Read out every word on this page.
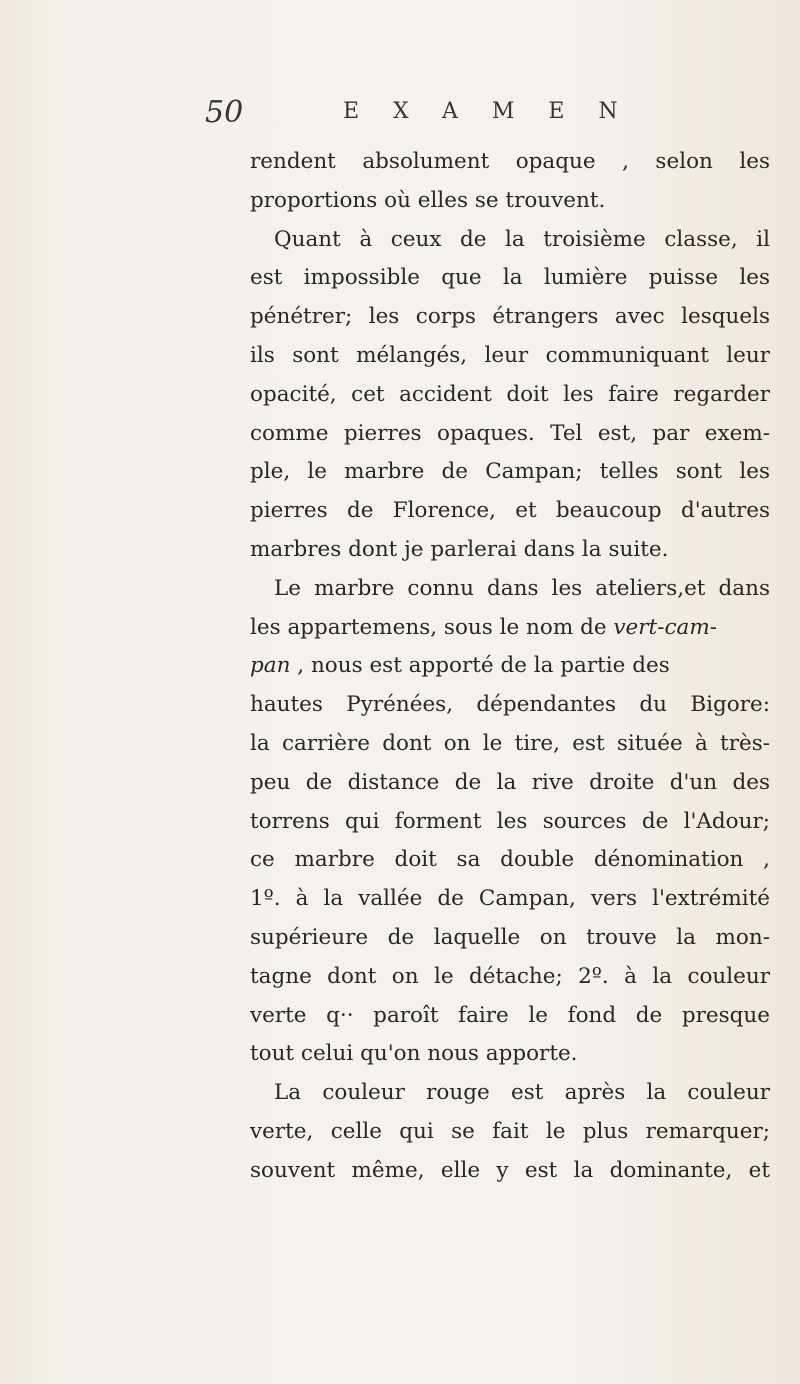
50	EXAMEN
rendent absolument opaque , selon les
proportions où elles se trouvent.
Quant à ceux de la troisième classe, il
est impossible que la lumière puisse les
pénétrer; les corps étrangers avec lesquels
ils sont mélangés, leur communiquant leur
opacité, cet accident doit les faire regarder
comme pierres opaques. Tel est, par exem-
ple, le marbre de Campan; telles sont les
pierres de Florence, et beaucoup d'autres
marbres dont je parlerai dans la suite.
Le marbre connu dans les ateliers,et dans
les appartemens, sous le nom de vert-cam-
pan , nous est apporté de la partie des
hautes Pyrénées, dépendantes du Bigore:
la carrière dont on le tire, est située à très-
peu de distance de la rive droite d'un des
torrens qui forment les sources de l'Adour;
ce marbre doit sa double dénomination ,
1º. à la vallée de Campan, vers l'extrémité
supérieure de laquelle on trouve la mon-
tagne dont on le détache; 2º. à la couleur
verte q·· paroît faire le fond de presque
tout celui qu'on nous apporte.
La couleur rouge est après la couleur
verte, celle qui se fait le plus remarquer;
souvent même, elle y est la dominante, et
